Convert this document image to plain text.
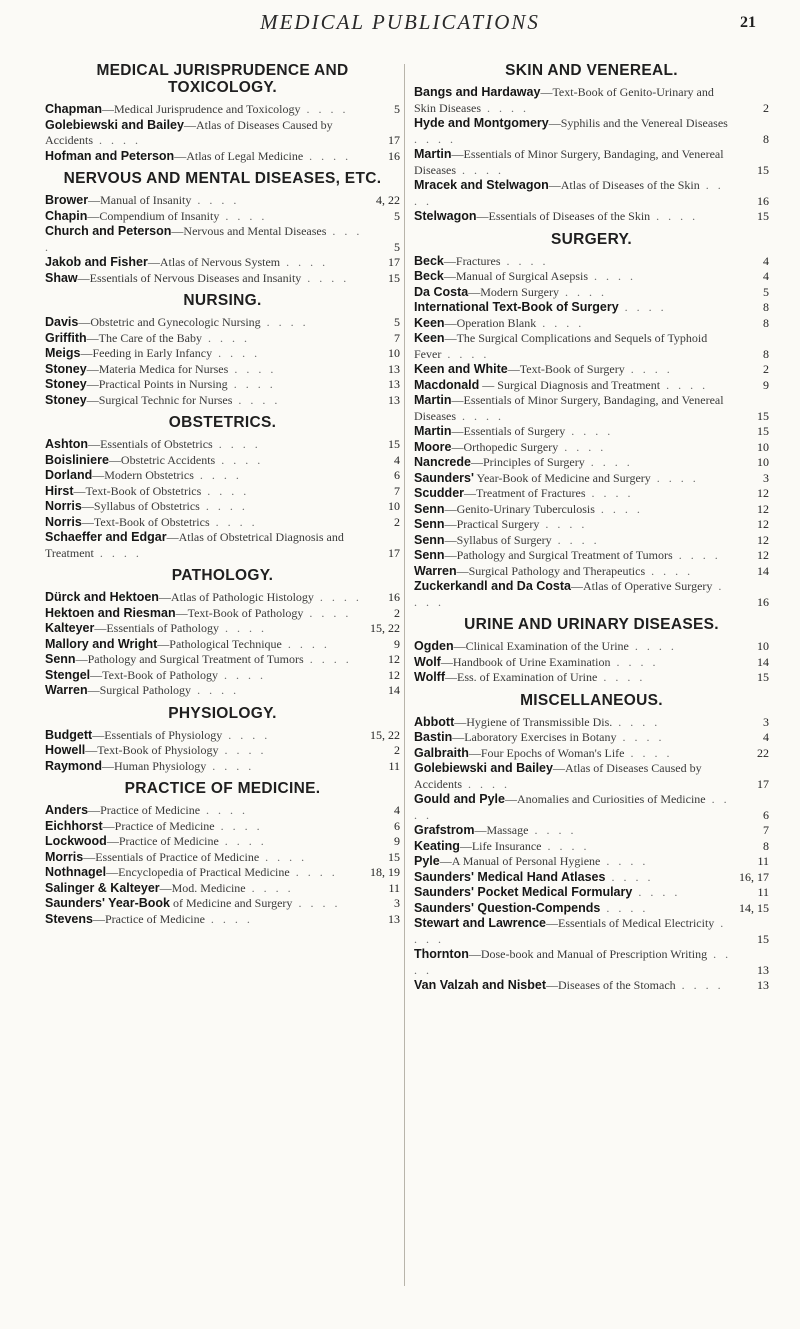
MEDICAL PUBLICATIONS	21
MEDICAL JURISPRUDENCE AND TOXICOLOGY.
Chapman—Medical Jurisprudence and Toxicology . . . .	5
Golebiewski and Bailey—Atlas of Diseases Caused by Accidents . . . .	17
Hofman and Peterson—Atlas of Legal Medicine . . . .	16
NERVOUS AND MENTAL DISEASES, ETC.
Brower—Manual of Insanity . . . .	4, 22
Chapin—Compendium of Insanity . . . .	5
Church and Peterson—Nervous and Mental Diseases . . . .	5
Jakob and Fisher—Atlas of Nervous System . . . .	17
Shaw—Essentials of Nervous Diseases and Insanity . . . .	15
NURSING.
Davis—Obstetric and Gynecologic Nursing . . . .	5
Griffith—The Care of the Baby . . . .	7
Meigs—Feeding in Early Infancy . . . .	10
Stoney—Materia Medica for Nurses . . . .	13
Stoney—Practical Points in Nursing . . . .	13
Stoney—Surgical Technic for Nurses . . . .	13
OBSTETRICS.
Ashton—Essentials of Obstetrics . . . .	15
Boisliniere—Obstetric Accidents . . . .	4
Dorland—Modern Obstetrics . . . .	6
Hirst—Text-Book of Obstetrics . . . .	7
Norris—Syllabus of Obstetrics . . . .	10
Norris—Text-Book of Obstetrics . . . .	2
Schaeffer and Edgar—Atlas of Obstetrical Diagnosis and Treatment . . . .	17
PATHOLOGY.
Dürck and Hektoen—Atlas of Pathologic Histology . . . .	16
Hektoen and Riesman—Text-Book of Pathology . . . .	2
Kalteyer—Essentials of Pathology . . . .	15, 22
Mallory and Wright—Pathological Technique . . . .	9
Senn—Pathology and Surgical Treatment of Tumors . . . .	12
Stengel—Text-Book of Pathology . . . .	12
Warren—Surgical Pathology . . . .	14
PHYSIOLOGY.
Budgett—Essentials of Physiology . . . .	15, 22
Howell—Text-Book of Physiology . . . .	2
Raymond—Human Physiology . . . .	11
PRACTICE OF MEDICINE.
Anders—Practice of Medicine . . . .	4
Eichhorst—Practice of Medicine . . . .	6
Lockwood—Practice of Medicine . . . .	9
Morris—Essentials of Practice of Medicine . . . .	15
Nothnagel—Encyclopedia of Practical Medicine . . . .	18, 19
Salinger & Kalteyer—Mod. Medicine . . . .	11
Saunders' Year-Book of Medicine and Surgery . . . .	3
Stevens—Practice of Medicine . . . .	13
SKIN AND VENEREAL.
Bangs and Hardaway—Text-Book of Genito-Urinary and Skin Diseases . . . .	2
Hyde and Montgomery—Syphilis and the Venereal Diseases . . . .	8
Martin—Essentials of Minor Surgery, Bandaging, and Venereal Diseases . . . .	15
Mracek and Stelwagon—Atlas of Diseases of the Skin . . . .	16
Stelwagon—Essentials of Diseases of the Skin . . . .	15
SURGERY.
Beck—Fractures . . . .	4
Beck—Manual of Surgical Asepsis . . . .	4
Da Costa—Modern Surgery . . . .	5
International Text-Book of Surgery . . . .	8
Keen—Operation Blank . . . .	8
Keen—The Surgical Complications and Sequels of Typhoid Fever . . . .	8
Keen and White—Text-Book of Surgery . . . .	2
Macdonald — Surgical Diagnosis and Treatment . . . .	9
Martin—Essentials of Minor Surgery, Bandaging, and Venereal Diseases . . . .	15
Martin—Essentials of Surgery . . . .	15
Moore—Orthopedic Surgery . . . .	10
Nancrede—Principles of Surgery . . . .	10
Saunders' Year-Book of Medicine and Surgery . . . .	3
Scudder—Treatment of Fractures . . . .	12
Senn—Genito-Urinary Tuberculosis . . . .	12
Senn—Practical Surgery . . . .	12
Senn—Syllabus of Surgery . . . .	12
Senn—Pathology and Surgical Treatment of Tumors . . . .	12
Warren—Surgical Pathology and Therapeutics . . . .	14
Zuckerkandl and Da Costa—Atlas of Operative Surgery . . . .	16
URINE AND URINARY DISEASES.
Ogden—Clinical Examination of the Urine . . . .	10
Wolf—Handbook of Urine Examination . . . .	14
Wolff—Ess. of Examination of Urine . . . .	15
MISCELLANEOUS.
Abbott—Hygiene of Transmissible Dis. . . . .	3
Bastin—Laboratory Exercises in Botany . . . .	4
Galbraith—Four Epochs of Woman's Life . . . .	22
Golebiewski and Bailey—Atlas of Diseases Caused by Accidents . . . .	17
Gould and Pyle—Anomalies and Curiosities of Medicine . . . .	6
Grafstrom—Massage . . . .	7
Keating—Life Insurance . . . .	8
Pyle—A Manual of Personal Hygiene . . . .	11
Saunders' Medical Hand Atlases . . . .	16, 17
Saunders' Pocket Medical Formulary . . . .	11
Saunders' Question-Compends . . . .	14, 15
Stewart and Lawrence—Essentials of Medical Electricity . . . .	15
Thornton—Dose-book and Manual of Prescription Writing . . . .	13
Van Valzah and Nisbet—Diseases of the Stomach . . . .	13
